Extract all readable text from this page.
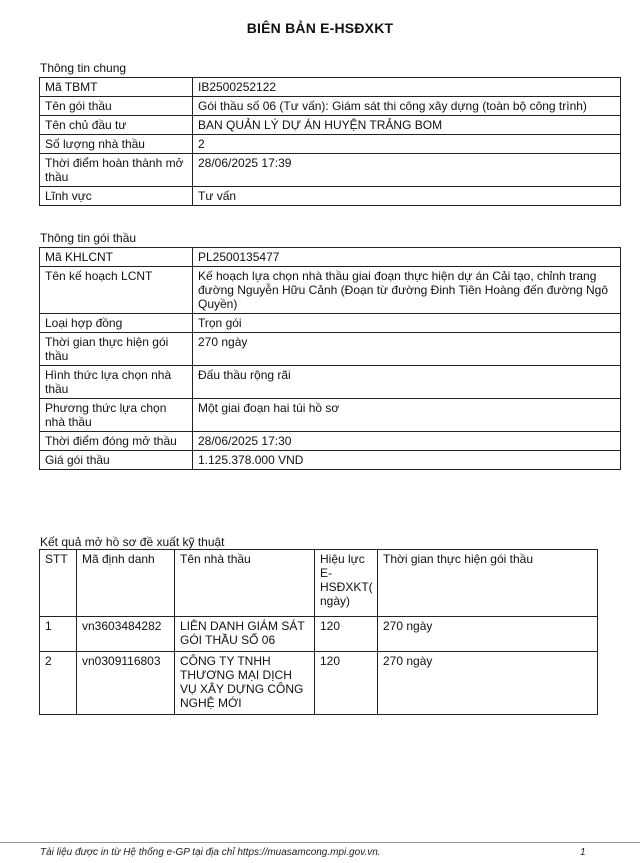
BIÊN BẢN E-HSĐXKT
Thông tin chung
Mã TBMT	IB2500252122
Tên gói thầu	Gói thầu số 06 (Tư vấn): Giám sát thi công xây dựng (toàn bộ công trình)
Tên chủ đầu tư	BAN QUẢN LÝ DỰ ÁN HUYỆN TRẢNG BOM
Số lượng nhà thầu	2
Thời điểm hoàn thành mở thầu	28/06/2025 17:39
Lĩnh vực	Tư vấn
Thông tin gói thầu
Mã KHLCNT	PL2500135477
Tên kế hoạch LCNT	Kế hoạch lựa chọn nhà thầu giai đoạn thực hiện dự án Cải tạo, chỉnh trang đường Nguyễn Hữu Cảnh (Đoạn từ đường Đinh Tiên Hoàng đến đường Ngô Quyền)
Loại hợp đồng	Trọn gói
Thời gian thực hiện gói thầu	270 ngày
Hình thức lựa chọn nhà thầu	Đấu thầu rộng rãi
Phương thức lựa chọn nhà thầu	Một giai đoạn hai túi hồ sơ
Thời điểm đóng mở thầu	28/06/2025 17:30
Giá gói thầu	1.125.378.000 VND
Kết quả mở hồ sơ đề xuất kỹ thuật
STT	Mã định danh	Tên nhà thầu	Hiệu lực E-HSĐXKT( ngày)	Thời gian thực hiện gói thầu
1	vn3603484282	LIÊN DANH GIÁM SÁT GÓI THẦU SỐ 06	120	270 ngày
2	vn0309116803	CÔNG TY TNHH THƯƠNG MẠI DỊCH VỤ XÂY DỰNG CÔNG NGHỆ MỚI	120	270 ngày
Tài liệu được in từ Hệ thống e-GP tại địa chỉ https://muasamcong.mpi.gov.vn.	1
